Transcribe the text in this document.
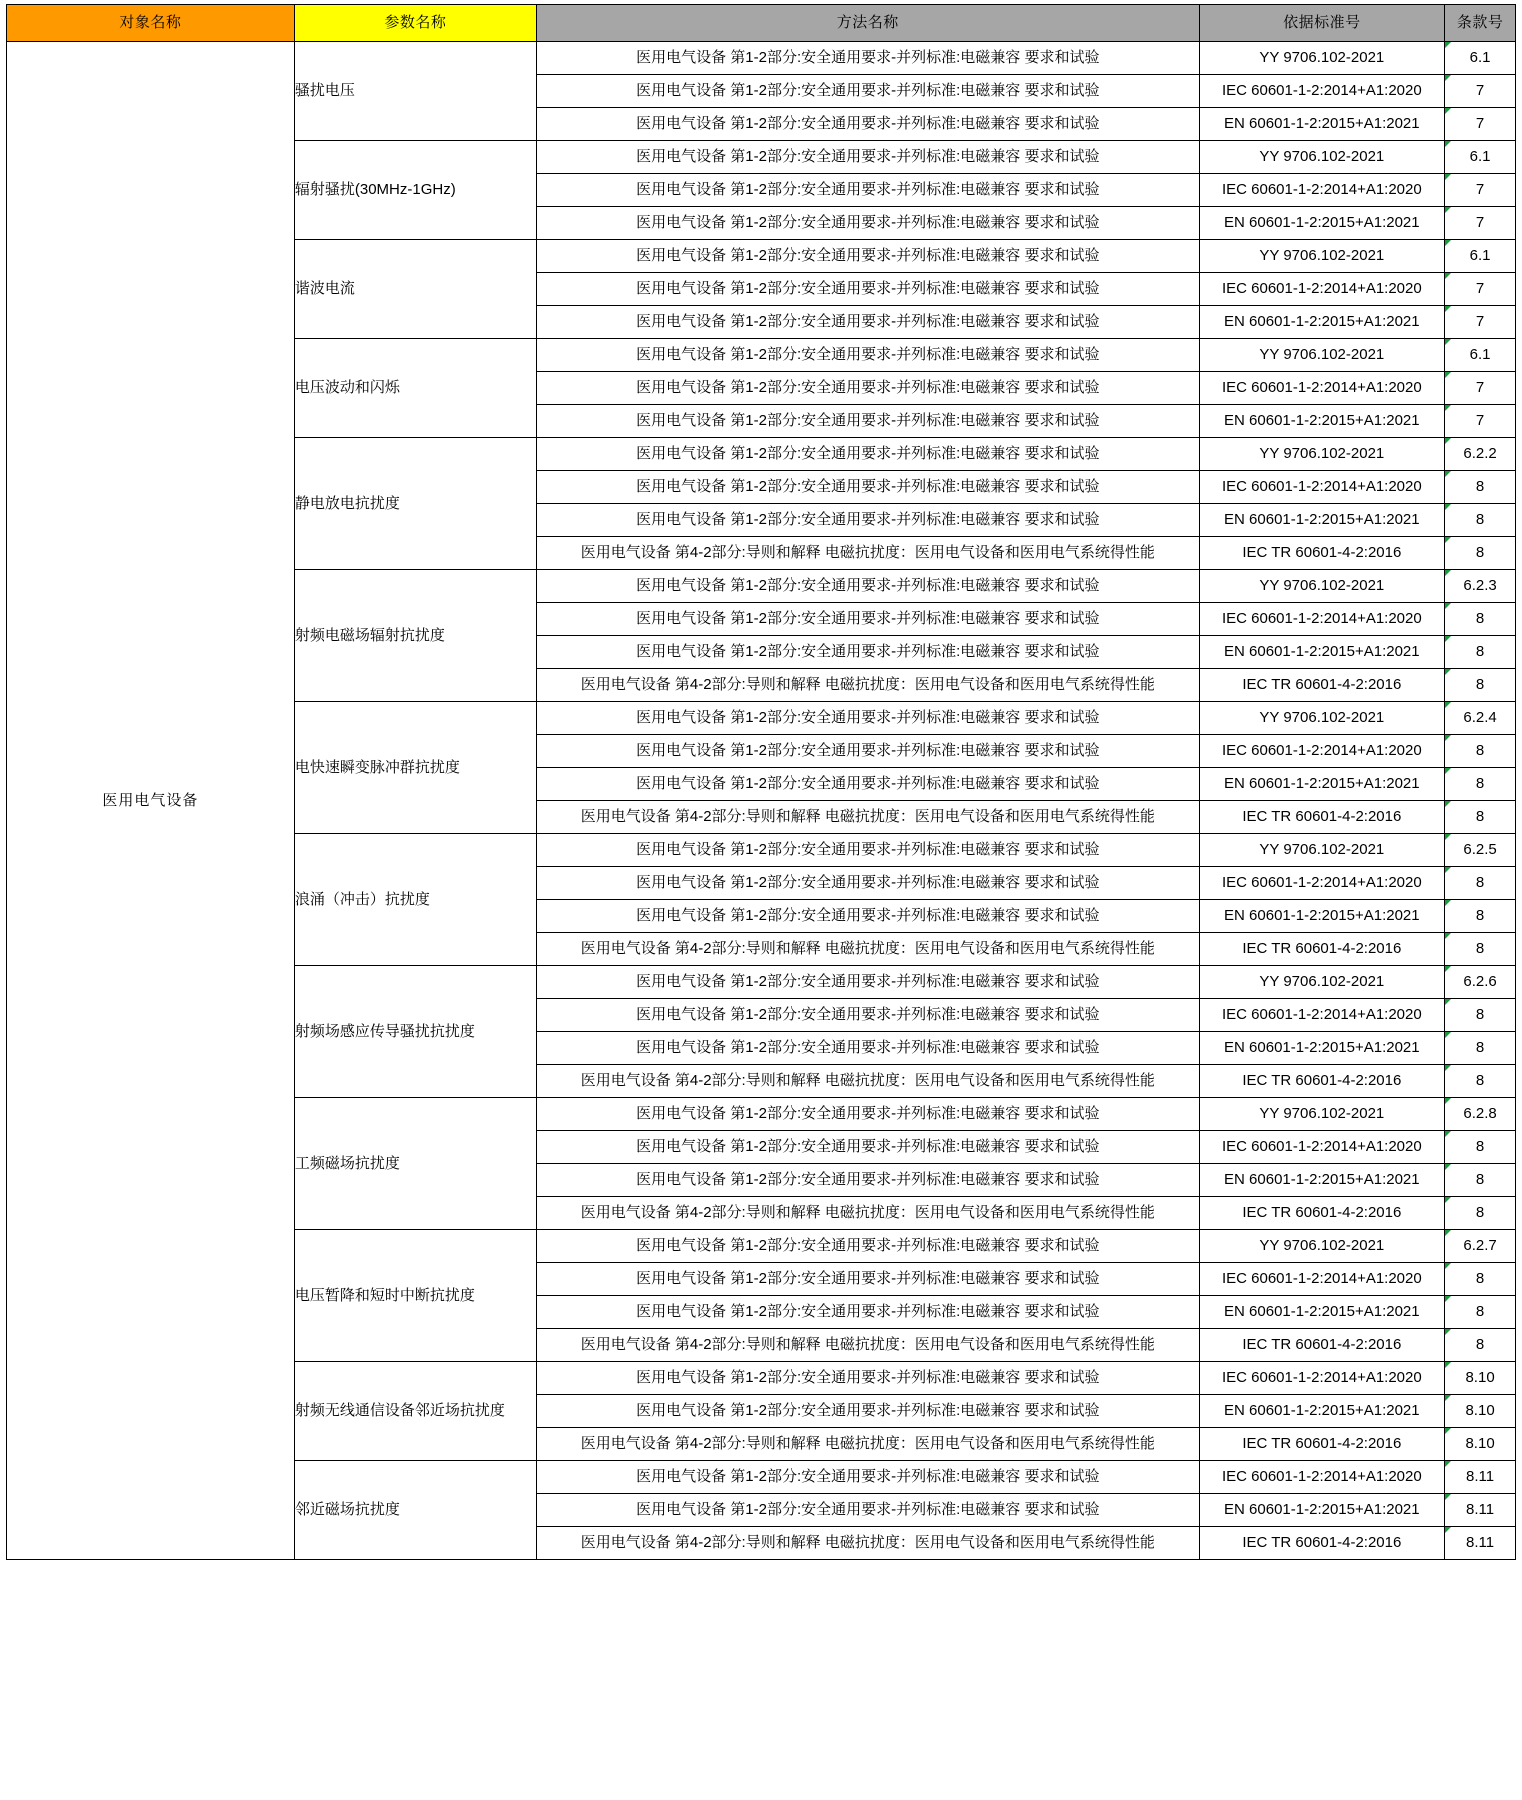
对象名称	参数名称	方法名称	依据标准号	条款号
医用电气设备	骚扰电压	医用电气设备 第1-2部分:安全通用要求-并列标准:电磁兼容 要求和试验	YY 9706.102-2021	6.1
		医用电气设备 第1-2部分:安全通用要求-并列标准:电磁兼容 要求和试验	IEC 60601-1-2:2014+A1:2020	7
		医用电气设备 第1-2部分:安全通用要求-并列标准:电磁兼容 要求和试验	EN 60601-1-2:2015+A1:2021	7
	辐射骚扰(30MHz-1GHz)	医用电气设备 第1-2部分:安全通用要求-并列标准:电磁兼容 要求和试验	YY 9706.102-2021	6.1
		医用电气设备 第1-2部分:安全通用要求-并列标准:电磁兼容 要求和试验	IEC 60601-1-2:2014+A1:2020	7
		医用电气设备 第1-2部分:安全通用要求-并列标准:电磁兼容 要求和试验	EN 60601-1-2:2015+A1:2021	7
	谐波电流	医用电气设备 第1-2部分:安全通用要求-并列标准:电磁兼容 要求和试验	YY 9706.102-2021	6.1
		医用电气设备 第1-2部分:安全通用要求-并列标准:电磁兼容 要求和试验	IEC 60601-1-2:2014+A1:2020	7
		医用电气设备 第1-2部分:安全通用要求-并列标准:电磁兼容 要求和试验	EN 60601-1-2:2015+A1:2021	7
	电压波动和闪烁	医用电气设备 第1-2部分:安全通用要求-并列标准:电磁兼容 要求和试验	YY 9706.102-2021	6.1
		医用电气设备 第1-2部分:安全通用要求-并列标准:电磁兼容 要求和试验	IEC 60601-1-2:2014+A1:2020	7
		医用电气设备 第1-2部分:安全通用要求-并列标准:电磁兼容 要求和试验	EN 60601-1-2:2015+A1:2021	7
	静电放电抗扰度	医用电气设备 第1-2部分:安全通用要求-并列标准:电磁兼容 要求和试验	YY 9706.102-2021	6.2.2
		医用电气设备 第1-2部分:安全通用要求-并列标准:电磁兼容 要求和试验	IEC 60601-1-2:2014+A1:2020	8
		医用电气设备 第1-2部分:安全通用要求-并列标准:电磁兼容 要求和试验	EN 60601-1-2:2015+A1:2021	8
		医用电气设备 第4-2部分:导则和解释 电磁抗扰度：医用电气设备和医用电气系统得性能	IEC TR 60601-4-2:2016	8
	射频电磁场辐射抗扰度	医用电气设备 第1-2部分:安全通用要求-并列标准:电磁兼容 要求和试验	YY 9706.102-2021	6.2.3
		医用电气设备 第1-2部分:安全通用要求-并列标准:电磁兼容 要求和试验	IEC 60601-1-2:2014+A1:2020	8
		医用电气设备 第1-2部分:安全通用要求-并列标准:电磁兼容 要求和试验	EN 60601-1-2:2015+A1:2021	8
		医用电气设备 第4-2部分:导则和解释 电磁抗扰度：医用电气设备和医用电气系统得性能	IEC TR 60601-4-2:2016	8
	电快速瞬变脉冲群抗扰度	医用电气设备 第1-2部分:安全通用要求-并列标准:电磁兼容 要求和试验	YY 9706.102-2021	6.2.4
		医用电气设备 第1-2部分:安全通用要求-并列标准:电磁兼容 要求和试验	IEC 60601-1-2:2014+A1:2020	8
		医用电气设备 第1-2部分:安全通用要求-并列标准:电磁兼容 要求和试验	EN 60601-1-2:2015+A1:2021	8
		医用电气设备 第4-2部分:导则和解释 电磁抗扰度：医用电气设备和医用电气系统得性能	IEC TR 60601-4-2:2016	8
	浪涌（冲击）抗扰度	医用电气设备 第1-2部分:安全通用要求-并列标准:电磁兼容 要求和试验	YY 9706.102-2021	6.2.5
		医用电气设备 第1-2部分:安全通用要求-并列标准:电磁兼容 要求和试验	IEC 60601-1-2:2014+A1:2020	8
		医用电气设备 第1-2部分:安全通用要求-并列标准:电磁兼容 要求和试验	EN 60601-1-2:2015+A1:2021	8
		医用电气设备 第4-2部分:导则和解释 电磁抗扰度：医用电气设备和医用电气系统得性能	IEC TR 60601-4-2:2016	8
	射频场感应传导骚扰抗扰度	医用电气设备 第1-2部分:安全通用要求-并列标准:电磁兼容 要求和试验	YY 9706.102-2021	6.2.6
		医用电气设备 第1-2部分:安全通用要求-并列标准:电磁兼容 要求和试验	IEC 60601-1-2:2014+A1:2020	8
		医用电气设备 第1-2部分:安全通用要求-并列标准:电磁兼容 要求和试验	EN 60601-1-2:2015+A1:2021	8
		医用电气设备 第4-2部分:导则和解释 电磁抗扰度：医用电气设备和医用电气系统得性能	IEC TR 60601-4-2:2016	8
	工频磁场抗扰度	医用电气设备 第1-2部分:安全通用要求-并列标准:电磁兼容 要求和试验	YY 9706.102-2021	6.2.8
		医用电气设备 第1-2部分:安全通用要求-并列标准:电磁兼容 要求和试验	IEC 60601-1-2:2014+A1:2020	8
		医用电气设备 第1-2部分:安全通用要求-并列标准:电磁兼容 要求和试验	EN 60601-1-2:2015+A1:2021	8
		医用电气设备 第4-2部分:导则和解释 电磁抗扰度：医用电气设备和医用电气系统得性能	IEC TR 60601-4-2:2016	8
	电压暂降和短时中断抗扰度	医用电气设备 第1-2部分:安全通用要求-并列标准:电磁兼容 要求和试验	YY 9706.102-2021	6.2.7
		医用电气设备 第1-2部分:安全通用要求-并列标准:电磁兼容 要求和试验	IEC 60601-1-2:2014+A1:2020	8
		医用电气设备 第1-2部分:安全通用要求-并列标准:电磁兼容 要求和试验	EN 60601-1-2:2015+A1:2021	8
		医用电气设备 第4-2部分:导则和解释 电磁抗扰度：医用电气设备和医用电气系统得性能	IEC TR 60601-4-2:2016	8
	射频无线通信设备邻近场抗扰度	医用电气设备 第1-2部分:安全通用要求-并列标准:电磁兼容 要求和试验	IEC 60601-1-2:2014+A1:2020	8.10
		医用电气设备 第1-2部分:安全通用要求-并列标准:电磁兼容 要求和试验	EN 60601-1-2:2015+A1:2021	8.10
		医用电气设备 第4-2部分:导则和解释 电磁抗扰度：医用电气设备和医用电气系统得性能	IEC TR 60601-4-2:2016	8.10
	邻近磁场抗扰度	医用电气设备 第1-2部分:安全通用要求-并列标准:电磁兼容 要求和试验	IEC 60601-1-2:2014+A1:2020	8.11
		医用电气设备 第1-2部分:安全通用要求-并列标准:电磁兼容 要求和试验	EN 60601-1-2:2015+A1:2021	8.11
		医用电气设备 第4-2部分:导则和解释 电磁抗扰度：医用电气设备和医用电气系统得性能	IEC TR 60601-4-2:2016	8.11
